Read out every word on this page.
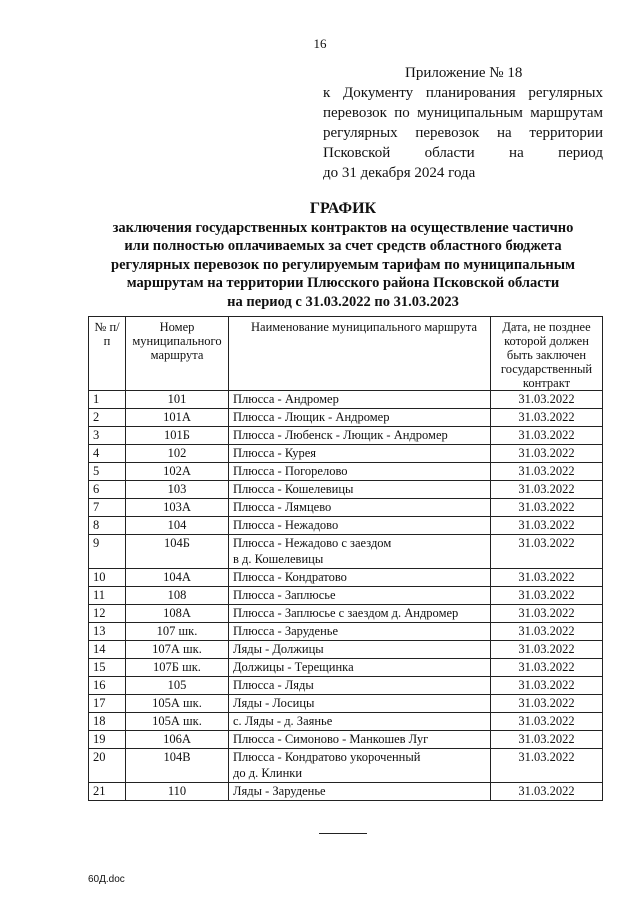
16
Приложение № 18
к Документу планирования регулярных
перевозок по муниципальным маршрутам
регулярных перевозок на территории
Псковской области на период
до 31 декабря 2024 года
ГРАФИК
заключения государственных контрактов на осуществление частично
или полностью оплачиваемых за счет средств областного бюджета
регулярных перевозок по регулируемым тарифам по муниципальным
маршрутам на территории Плюсского района Псковской области
на период с 31.03.2022 по 31.03.2023
№ п/п	Номер муниципального маршрута	Наименование муниципального маршрута	Дата, не позднее которой должен быть заключен государственный контракт
1	101	Плюсса - Андромер	31.03.2022
2	101А	Плюсса - Лющик - Андромер	31.03.2022
3	101Б	Плюсса - Любенск - Лющик - Андромер	31.03.2022
4	102	Плюсса - Курея	31.03.2022
5	102А	Плюсса - Погорелово	31.03.2022
6	103	Плюсса - Кошелевицы	31.03.2022
7	103А	Плюсса - Лямцево	31.03.2022
8	104	Плюсса - Нежадово	31.03.2022
9	104Б	Плюсса - Нежадово с заездом
в д. Кошелевицы	31.03.2022
10	104А	Плюсса - Кондратово	31.03.2022
11	108	Плюсса - Заплюсье	31.03.2022
12	108А	Плюсса - Заплюсье с заездом д. Андромер	31.03.2022
13	107 шк.	Плюсса - Заруденье	31.03.2022
14	107А шк.	Ляды - Должицы	31.03.2022
15	107Б шк.	Должицы - Терещинка	31.03.2022
16	105	Плюсса - Ляды	31.03.2022
17	105А шк.	Ляды - Лосицы	31.03.2022
18	105А шк.	с. Ляды - д. Заянье	31.03.2022
19	106А	Плюсса - Симоново - Манкошев Луг	31.03.2022
20	104В	Плюсса - Кондратово укороченный
до д. Клинки	31.03.2022
21	110	Ляды - Заруденье	31.03.2022
60Д.doc
